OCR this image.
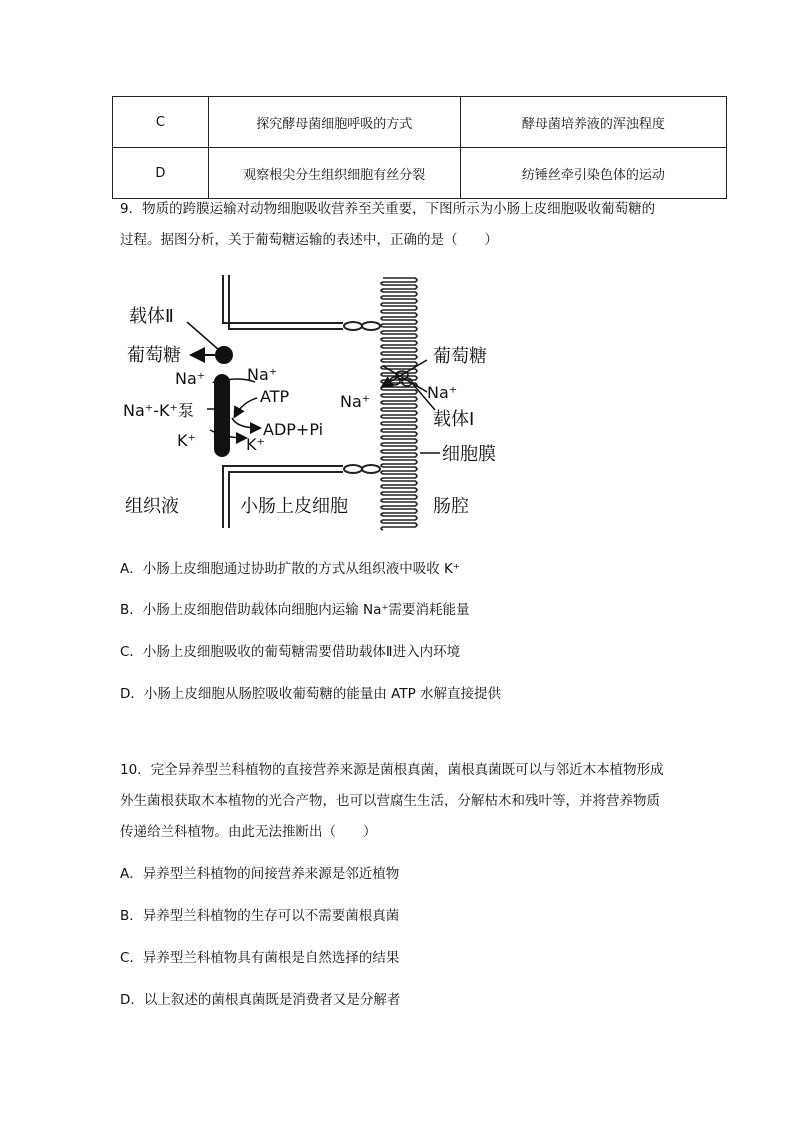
C	探究酵母菌细胞呼吸的方式	酵母菌培养液的浑浊程度
D	观察根尖分生组织细胞有丝分裂	纺锤丝牵引染色体的运动
9．物质的跨膜运输对动物细胞吸收营养至关重要，下图所示为小肠上皮细胞吸收葡萄糖的
过程。据图分析，关于葡萄糖运输的表述中，正确的是（　　）
载体Ⅱ
葡萄糖
Na⁺	Na⁺
Na⁺-K⁺泵
ATP
ADP+Pi
K⁺	K⁺
葡萄糖
Na⁺	Na⁺
载体Ⅰ
细胞膜
组织液	小肠上皮细胞	肠腔
A．小肠上皮细胞通过协助扩散的方式从组织液中吸收 K⁺
B．小肠上皮细胞借助载体向细胞内运输 Na⁺需要消耗能量
C．小肠上皮细胞吸收的葡萄糖需要借助载体Ⅱ进入内环境
D．小肠上皮细胞从肠腔吸收葡萄糖的能量由 ATP 水解直接提供
10．完全异养型兰科植物的直接营养来源是菌根真菌，菌根真菌既可以与邻近木本植物形成
外生菌根获取木本植物的光合产物，也可以营腐生生活，分解枯木和残叶等，并将营养物质
传递给兰科植物。由此无法推断出（　　）
A．异养型兰科植物的间接营养来源是邻近植物
B．异养型兰科植物的生存可以不需要菌根真菌
C．异养型兰科植物具有菌根是自然选择的结果
D．以上叙述的菌根真菌既是消费者又是分解者
